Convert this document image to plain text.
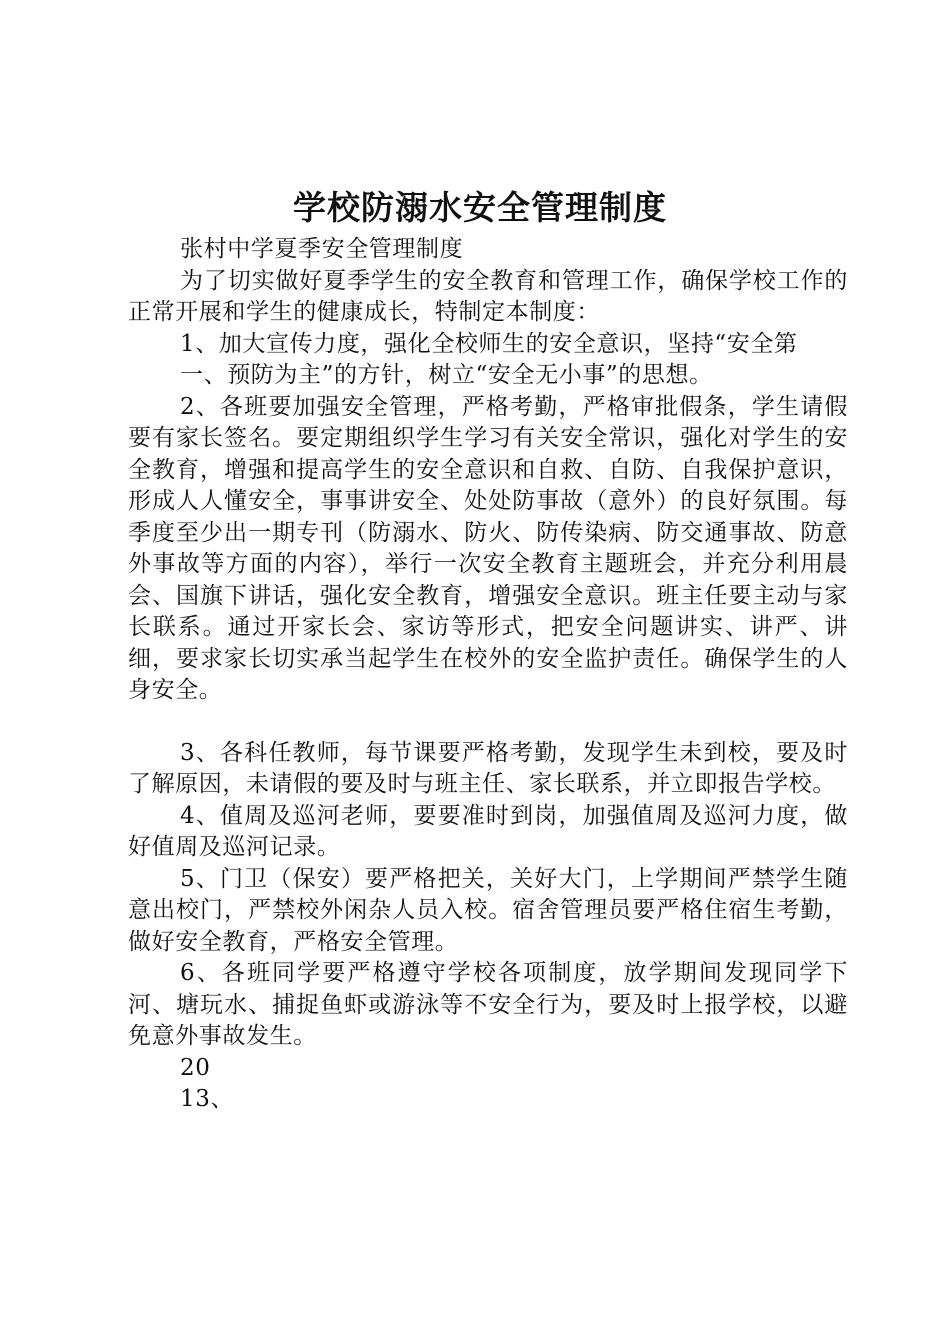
学校防溺水安全管理制度

张村中学夏季安全管理制度

为了切实做好夏季学生的安全教育和管理工作，确保学校工作的正常开展和学生的健康成长，特制定本制度：

1、加大宣传力度，强化全校师生的安全意识，坚持“安全第

一、预防为主”的方针，树立“安全无小事”的思想。

2、各班要加强安全管理，严格考勤，严格审批假条，学生请假要有家长签名。要定期组织学生学习有关安全常识，强化对学生的安全教育，增强和提高学生的安全意识和自救、自防、自我保护意识，形成人人懂安全，事事讲安全、处处防事故（意外）的良好氛围。每季度至少出一期专刊（防溺水、防火、防传染病、防交通事故、防意外事故等方面的内容），举行一次安全教育主题班会，并充分利用晨会、国旗下讲话，强化安全教育，增强安全意识。班主任要主动与家长联系。通过开家长会、家访等形式，把安全问题讲实、讲严、讲细，要求家长切实承当起学生在校外的安全监护责任。确保学生的人身安全。

3、各科任教师，每节课要严格考勤，发现学生未到校，要及时了解原因，未请假的要及时与班主任、家长联系，并立即报告学校。

4、值周及巡河老师，要要准时到岗，加强值周及巡河力度，做好值周及巡河记录。

5、门卫（保安）要严格把关，关好大门，上学期间严禁学生随意出校门，严禁校外闲杂人员入校。宿舍管理员要严格住宿生考勤，做好安全教育，严格安全管理。

6、各班同学要严格遵守学校各项制度，放学期间发现同学下河、塘玩水、捕捉鱼虾或游泳等不安全行为，要及时上报学校，以避免意外事故发生。

20

13、
